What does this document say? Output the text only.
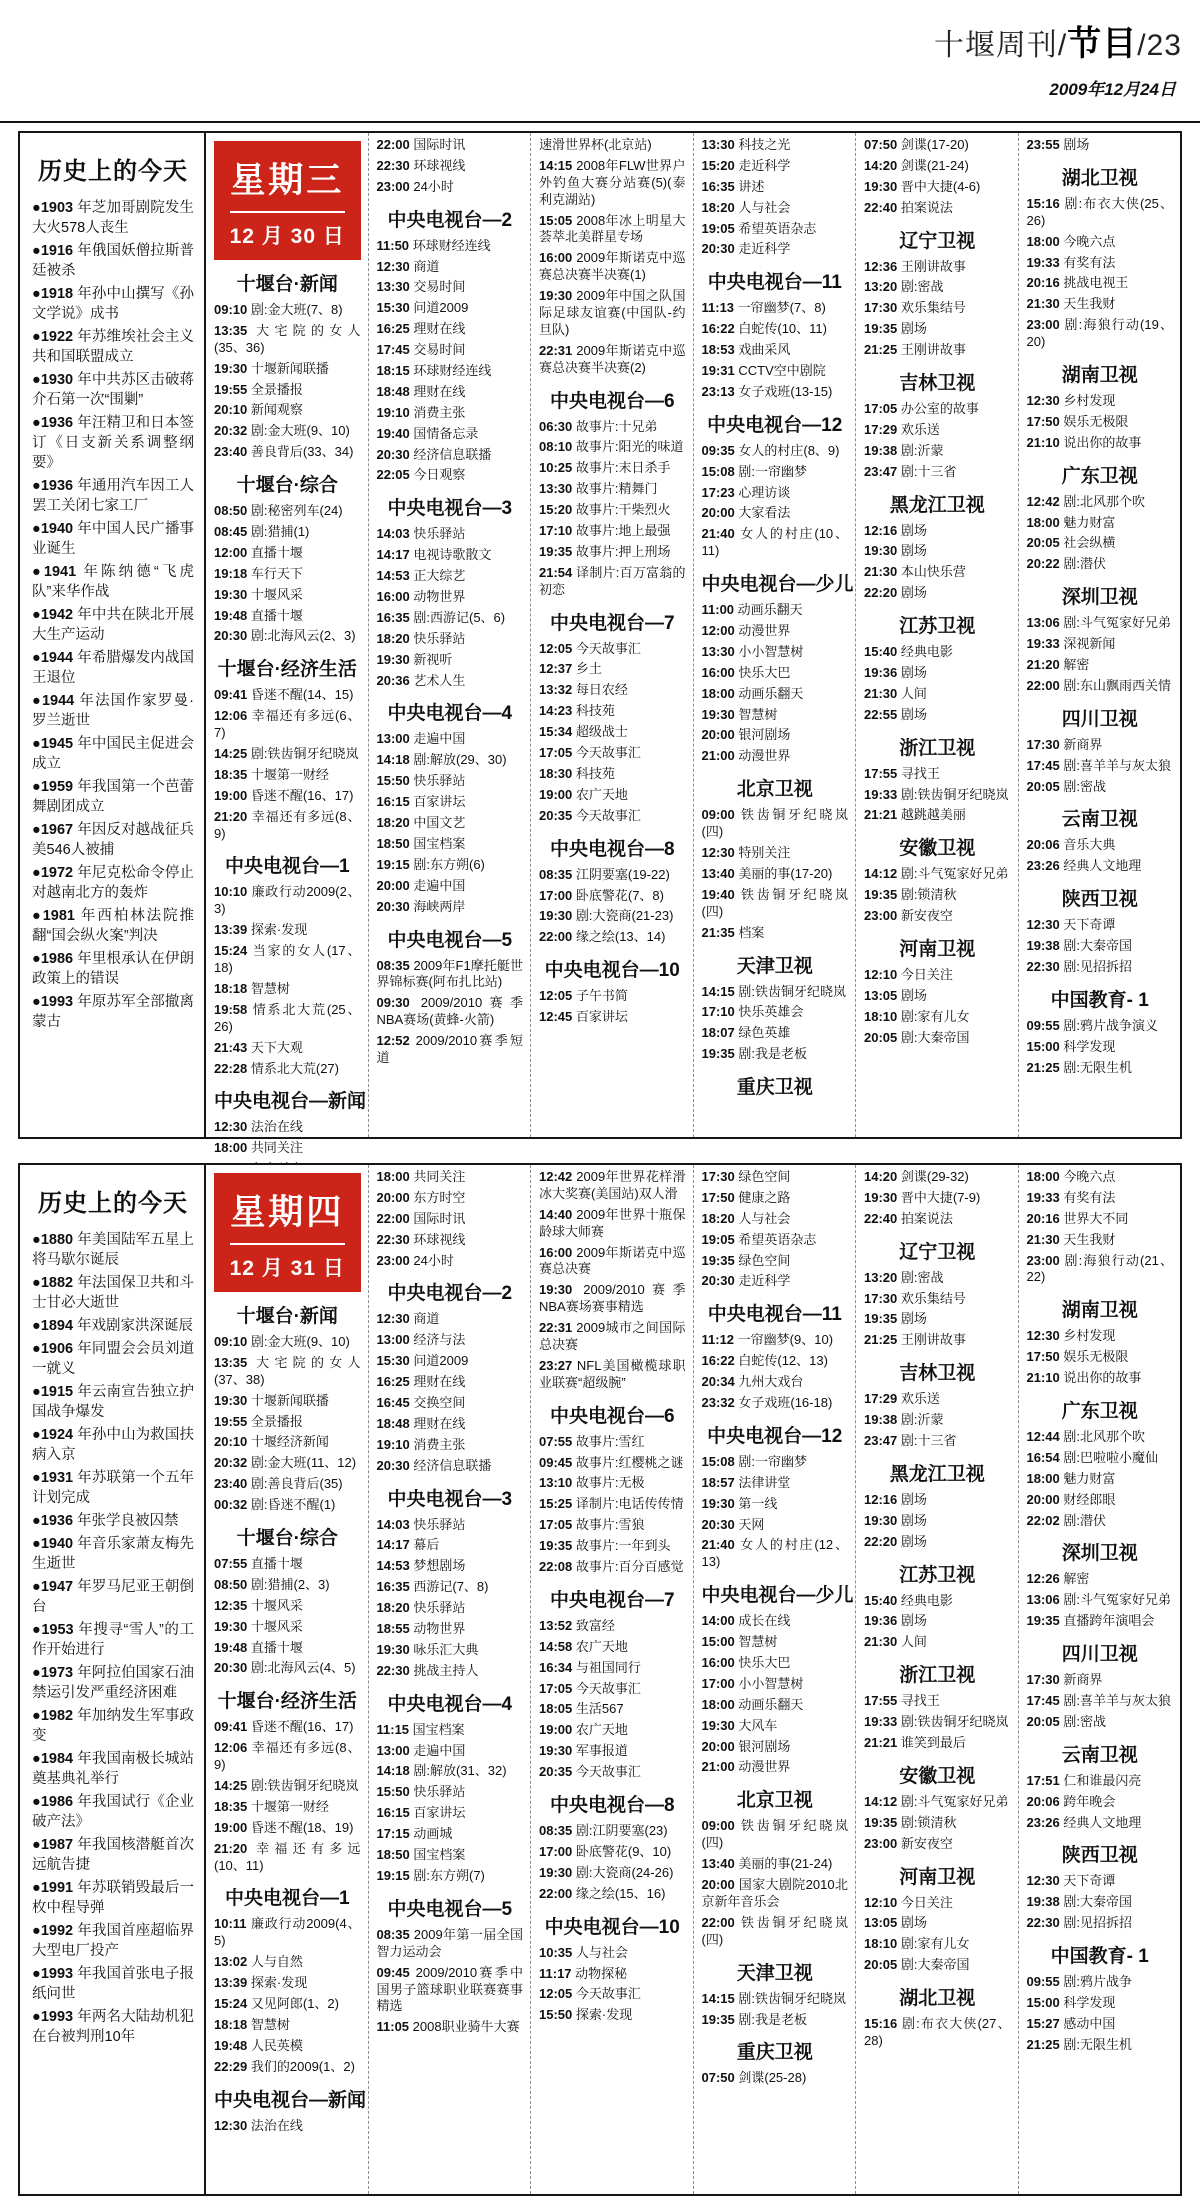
十堰周刊/节目/23
2009年12月24日
历史上的今天
●1903 年芝加哥剧院发生大火578人丧生
●1916 年俄国妖僧拉斯普廷被杀
●1918 年孙中山撰写《孙文学说》成书
●1922 年苏维埃社会主义共和国联盟成立
●1930 年中共苏区击破蒋介石第一次“围剿”
●1936 年汪精卫和日本签订《日支新关系调整纲要》
●1936 年通用汽车因工人罢工关闭七家工厂
●1940 年中国人民广播事业诞生
●1941 年陈纳德“飞虎队”来华作战
●1942 年中共在陕北开展大生产运动
●1944 年希腊爆发内战国王退位
●1944 年法国作家罗曼·罗兰逝世
●1945 年中国民主促进会成立
●1959 年我国第一个芭蕾舞剧团成立
●1967 年因反对越战征兵美546人被捕
●1972 年尼克松命令停止对越南北方的轰炸
●1981 年西柏林法院推翻“国会纵火案”判决
●1986 年里根承认在伊朗政策上的错误
●1993 年原苏军全部撤离蒙古
星期三
12 月 30 日
十堰台·新闻
09:10 剧:金大班(7、8)
13:35 大宅院的女人(35、36)
19:30 十堰新闻联播
19:55 全景播报
20:10 新闻观察
20:32 剧:金大班(9、10)
23:40 善良背后(33、34)
十堰台·综合
08:50 剧:秘密列车(24)
08:45 剧:猎捕(1)
12:00 直播十堰
19:18 车行天下
19:30 十堰风采
19:48 直播十堰
20:30 剧:北海风云(2、3)
十堰台·经济生活
09:41 昏迷不醒(14、15)
12:06 幸福还有多远(6、7)
14:25 剧:铁齿铜牙纪晓岚
18:35 十堰第一财经
19:00 昏迷不醒(16、17)
21:20 幸福还有多远(8、9)
中央电视台—1
10:10 廉政行动2009(2、3)
13:39 探索·发现
15:24 当家的女人(17、18)
18:18 智慧树
19:58 情系北大荒(25、26)
21:43 天下大观
22:28 情系北大荒(27)
中央电视台—新闻
12:30 法治在线
18:00 共同关注
22:00 国际时讯
22:30 环球视线
23:00 24小时
中央电视台—2
11:50 环球财经连线
12:30 商道
13:30 交易时间
15:30 问道2009
16:25 理财在线
17:45 交易时间
18:15 环球财经连线
18:48 理财在线
19:10 消费主张
19:40 国情备忘录
20:30 经济信息联播
22:05 今日观察
中央电视台—3
14:03 快乐驿站
14:17 电视诗歌散文
14:53 正大综艺
16:00 动物世界
16:35 剧:西游记(5、6)
18:20 快乐驿站
19:30 新视听
20:36 艺术人生
中央电视台—4
13:00 走遍中国
14:18 剧:解放(29、30)
15:50 快乐驿站
16:15 百家讲坛
18:20 中国文艺
18:50 国宝档案
19:15 剧:东方朔(6)
20:00 走遍中国
20:30 海峡两岸
中央电视台—5
08:35 2009年F1摩托艇世界锦标赛(阿布扎比站)
09:30 2009/2010赛季NBA赛场(黄蜂-火箭)
12:52 2009/2010赛季短道
速滑世界杯(北京站)
14:15 2008年FLW世界户外钓鱼大赛分站赛(5)(泰利克湖站)
15:05 2008年冰上明星大荟萃北美群星专场
16:00 2009年斯诺克中巡赛总决赛半决赛(1)
19:30 2009年中国之队国际足球友谊赛(中国队-约旦队)
22:31 2009年斯诺克中巡赛总决赛半决赛(2)
中央电视台—6
06:30 故事片:十兄弟
08:10 故事片:阳光的味道
10:25 故事片:末日杀手
13:30 故事片:精舞门
15:20 故事片:干柴烈火
17:10 故事片:地上最强
19:35 故事片:押上刑场
21:54 译制片:百万富翁的初恋
中央电视台—7
12:05 今天故事汇
12:37 乡土
13:32 每日农经
14:23 科技苑
15:34 超级战士
17:05 今天故事汇
18:30 科技苑
19:00 农广天地
20:35 今天故事汇
中央电视台—8
08:35 江阴要塞(19-22)
17:00 卧底警花(7、8)
19:30 剧:大瓷商(21-23)
22:00 缘之绘(13、14)
中央电视台—10
12:05 子午书简
12:45 百家讲坛
13:30 科技之光
15:20 走近科学
16:35 讲述
18:20 人与社会
19:05 希望英语杂志
20:30 走近科学
中央电视台—11
11:13 一帘幽梦(7、8)
16:22 白蛇传(10、11)
18:53 戏曲采风
19:31 CCTV空中剧院
23:13 女子戏班(13-15)
中央电视台—12
09:35 女人的村庄(8、9)
15:08 剧:一帘幽梦
17:23 心理访谈
20:00 大家看法
21:40 女人的村庄(10、11)
中央电视台—少儿
11:00 动画乐翻天
12:00 动漫世界
13:30 小小智慧树
16:00 快乐大巴
18:00 动画乐翻天
19:30 智慧树
20:00 银河剧场
21:00 动漫世界
北京卫视
09:00 铁齿铜牙纪晓岚(四)
12:30 特别关注
13:40 美丽的事(17-20)
19:40 铁齿铜牙纪晓岚(四)
21:35 档案
天津卫视
14:15 剧:铁齿铜牙纪晓岚
17:10 快乐英雄会
18:07 绿色英雄
19:35 剧:我是老板
重庆卫视
07:50 剑谍(17-20)
14:20 剑谍(21-24)
19:30 晋中大捷(4-6)
22:40 拍案说法
辽宁卫视
12:36 王刚讲故事
13:20 剧:密战
17:30 欢乐集结号
19:35 剧场
21:25 王刚讲故事
吉林卫视
17:05 办公室的故事
17:29 欢乐送
19:38 剧:沂蒙
23:47 剧:十三省
黑龙江卫视
12:16 剧场
19:30 剧场
21:30 本山快乐营
22:20 剧场
江苏卫视
15:40 经典电影
19:36 剧场
21:30 人间
22:55 剧场
浙江卫视
17:55 寻找王
19:33 剧:铁齿铜牙纪晓岚
21:21 越跳越美丽
安徽卫视
14:12 剧:斗气冤家好兄弟
19:35 剧:锁清秋
23:00 新安夜空
河南卫视
12:10 今日关注
13:05 剧场
18:10 剧:家有儿女
20:05 剧:大秦帝国
23:55 剧场
湖北卫视
15:16 剧:布衣大侠(25、26)
18:00 今晚六点
19:33 有奖有法
20:16 挑战电视王
21:30 天生我财
23:00 剧:海狼行动(19、20)
湖南卫视
12:30 乡村发现
17:50 娱乐无极限
21:10 说出你的故事
广东卫视
12:42 剧:北风那个吹
18:00 魅力财富
20:05 社会纵横
20:22 剧:潜伏
深圳卫视
13:06 剧:斗气冤家好兄弟
19:33 深视新闻
21:20 解密
22:00 剧:东山飘雨西关情
四川卫视
17:30 新商界
17:45 剧:喜羊羊与灰太狼
20:05 剧:密战
云南卫视
20:06 音乐大典
23:26 经典人文地理
陕西卫视
12:30 天下奇谭
19:38 剧:大秦帝国
22:30 剧:见招拆招
中国教育- 1
09:55 剧:鸦片战争演义
15:00 科学发现
21:25 剧:无限生机
历史上的今天
●1880 年美国陆军五星上将马歇尔诞辰
●1882 年法国保卫共和斗士甘必大逝世
●1894 年戏剧家洪深诞辰
●1906 年同盟会会员刘道一就义
●1915 年云南宣告独立护国战争爆发
●1924 年孙中山为救国扶病入京
●1931 年苏联第一个五年计划完成
●1936 年张学良被囚禁
●1940 年音乐家萧友梅先生逝世
●1947 年罗马尼亚王朝倒台
●1953 年搜寻“雪人”的工作开始进行
●1973 年阿拉伯国家石油禁运引发严重经济困难
●1982 年加纳发生军事政变
●1984 年我国南极长城站奠基典礼举行
●1986 年我国试行《企业破产法》
●1987 年我国核潜艇首次远航告捷
●1991 年苏联销毁最后一枚中程导弹
●1992 年我国首座超临界大型电厂投产
●1993 年我国首张电子报纸问世
●1993 年两名大陆劫机犯在台被判刑10年
星期四
12 月 31 日
十堰台·新闻
09:10 剧:金大班(9、10)
13:35 大宅院的女人(37、38)
19:30 十堰新闻联播
19:55 全景播报
20:10 十堰经济新闻
20:32 剧:金大班(11、12)
23:40 剧:善良背后(35)
00:32 剧:昏迷不醒(1)
十堰台·综合
07:55 直播十堰
08:50 剧:猎捕(2、3)
12:35 十堰风采
19:30 十堰风采
19:48 直播十堰
20:30 剧:北海风云(4、5)
十堰台·经济生活
09:41 昏迷不醒(16、17)
12:06 幸福还有多远(8、9)
14:25 剧:铁齿铜牙纪晓岚
18:35 十堰第一财经
19:00 昏迷不醒(18、19)
21:20 幸福还有多远(10、11)
中央电视台—1
10:11 廉政行动2009(4、5)
13:02 人与自然
13:39 探索·发现
15:24 又见阿郎(1、2)
18:18 智慧树
19:48 人民英模
22:29 我们的2009(1、2)
中央电视台—新闻
12:30 法治在线
18:00 共同关注
20:00 东方时空
22:00 国际时讯
22:30 环球视线
23:00 24小时
中央电视台—2
12:30 商道
13:00 经济与法
15:30 问道2009
16:25 理财在线
16:45 交换空间
18:48 理财在线
19:10 消费主张
20:30 经济信息联播
中央电视台—3
14:03 快乐驿站
14:17 幕后
14:53 梦想剧场
16:35 西游记(7、8)
18:20 快乐驿站
18:55 动物世界
19:30 咏乐汇大典
22:30 挑战主持人
中央电视台—4
11:15 国宝档案
13:00 走遍中国
14:18 剧:解放(31、32)
15:50 快乐驿站
16:15 百家讲坛
17:15 动画城
18:50 国宝档案
19:15 剧:东方朔(7)
中央电视台—5
08:35 2009年第一届全国智力运动会
09:45 2009/2010赛季中国男子篮球职业联赛赛事精选
11:05 2008职业骑牛大赛
12:42 2009年世界花样滑冰大奖赛(美国站)双人滑
14:40 2009年世界十瓶保龄球大师赛
16:00 2009年斯诺克中巡赛总决赛
19:30 2009/2010赛季NBA赛场赛事精选
22:31 2009城市之间国际总决赛
23:27 NFL美国橄榄球职业联赛“超级腕”
中央电视台—6
07:55 故事片:雪红
09:45 故事片:红樱桃之谜
13:10 故事片:无极
15:25 译制片:电话传传情
17:05 故事片:雪狼
19:35 故事片:一年到头
22:08 故事片:百分百感觉
中央电视台—7
13:52 致富经
14:58 农广天地
16:34 与祖国同行
17:05 今天故事汇
18:05 生活567
19:00 农广天地
19:30 军事报道
20:35 今天故事汇
中央电视台—8
08:35 剧:江阴要塞(23)
17:00 卧底警花(9、10)
19:30 剧:大瓷商(24-26)
22:00 缘之绘(15、16)
中央电视台—10
10:35 人与社会
11:17 动物探秘
12:05 今天故事汇
15:50 探索·发现
17:30 绿色空间
17:50 健康之路
18:20 人与社会
19:05 希望英语杂志
19:35 绿色空间
20:30 走近科学
中央电视台—11
11:12 一帘幽梦(9、10)
16:22 白蛇传(12、13)
20:34 九州大戏台
23:32 女子戏班(16-18)
中央电视台—12
15:08 剧:一帘幽梦
18:57 法律讲堂
19:30 第一线
20:30 天网
21:40 女人的村庄(12、13)
中央电视台—少儿
14:00 成长在线
15:00 智慧树
16:00 快乐大巴
17:00 小小智慧树
18:00 动画乐翻天
19:30 大风车
20:00 银河剧场
21:00 动漫世界
北京卫视
09:00 铁齿铜牙纪晓岚(四)
13:40 美丽的事(21-24)
20:00 国家大剧院2010北京新年音乐会
22:00 铁齿铜牙纪晓岚(四)
天津卫视
14:15 剧:铁齿铜牙纪晓岚
19:35 剧:我是老板
重庆卫视
07:50 剑谍(25-28)
14:20 剑谍(29-32)
19:30 晋中大捷(7-9)
22:40 拍案说法
辽宁卫视
13:20 剧:密战
17:30 欢乐集结号
19:35 剧场
21:25 王刚讲故事
吉林卫视
17:29 欢乐送
19:38 剧:沂蒙
23:47 剧:十三省
黑龙江卫视
12:16 剧场
19:30 剧场
22:20 剧场
江苏卫视
15:40 经典电影
19:36 剧场
21:30 人间
浙江卫视
17:55 寻找王
19:33 剧:铁齿铜牙纪晓岚
21:21 谁笑到最后
安徽卫视
14:12 剧:斗气冤家好兄弟
19:35 剧:锁清秋
23:00 新安夜空
河南卫视
12:10 今日关注
13:05 剧场
18:10 剧:家有儿女
20:05 剧:大秦帝国
湖北卫视
15:16 剧:布衣大侠(27、28)
18:00 今晚六点
19:33 有奖有法
20:16 世界大不同
21:30 天生我财
23:00 剧:海狼行动(21、22)
湖南卫视
12:30 乡村发现
17:50 娱乐无极限
21:10 说出你的故事
广东卫视
12:44 剧:北风那个吹
16:54 剧:巴啦啦小魔仙
18:00 魅力财富
20:00 财经郎眼
22:02 剧:潜伏
深圳卫视
12:26 解密
13:06 剧:斗气冤家好兄弟
19:35 直播跨年演唱会
四川卫视
17:30 新商界
17:45 剧:喜羊羊与灰太狼
20:05 剧:密战
云南卫视
17:51 仁和谁最闪亮
20:06 跨年晚会
23:26 经典人文地理
陕西卫视
12:30 天下奇谭
19:38 剧:大秦帝国
22:30 剧:见招拆招
中国教育- 1
09:55 剧:鸦片战争
15:00 科学发现
15:27 感动中国
21:25 剧:无限生机
